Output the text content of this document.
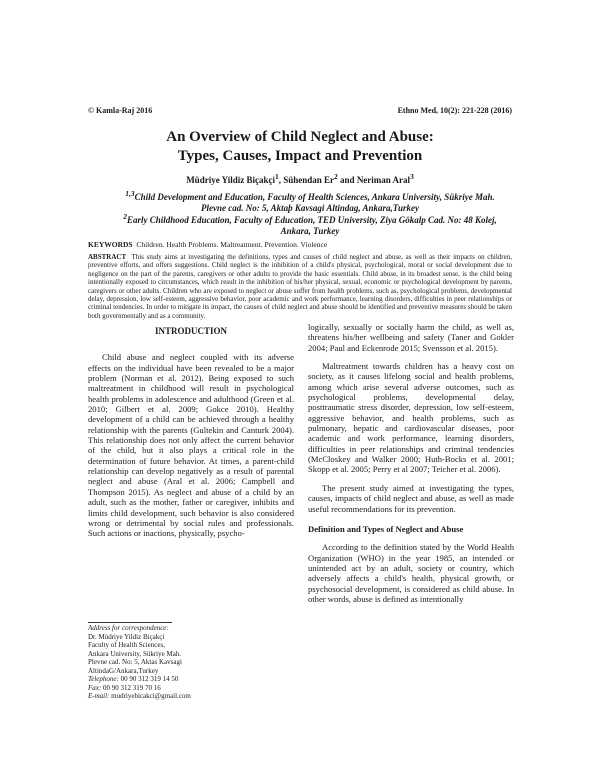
© Kamla-Raj 2016	Ethno Med, 10(2): 221-228 (2016)
An Overview of Child Neglect and Abuse:
Types, Causes, Impact and Prevention
Müdriye Yildiz Biçakçi$^1$, Sühendan Er$^2$ and Neriman Aral$^3$
$^{1,3}$Child Development and Education, Faculty of Health Sciences, Ankara University, Sükriye Mah. Plevne cad. No: 5, Aktaþ Kavsagi Altindag, Ankara,Turkey
$^2$Early Childhood Education, Faculty of Education, TED University, Ziya Gökalp Cad. No: 48 Kolej, Ankara, Turkey
KEYWORDS Children. Health Problems. Maltreatment. Prevention. Violence
ABSTRACT This study aims at investigating the definitions, types and causes of child neglect and abuse, as well as their impacts on children, preventive efforts, and offers suggestions. Child neglect is the inhibition of a child's physical, psychological, moral or social development due to negligence on the part of the parents, caregivers or other adults to provide the basic essentials. Child abuse, in its broadest sense, is the child being intentionally exposed to circumstances, which result in the inhibition of his/her physical, sexual, economic or psychological development by parents, caregivers or other adults. Children who are exposed to neglect or abuse suffer from health problems, such as, psychological problems, developmental delay, depression, low self-esteem, aggressive behavior, poor academic and work performance, learning disorders, difficulties in peer relationships or criminal tendencies. In order to mitigate its impact, the causes of child neglect and abuse should be identified and preventive measures should be taken both governmentally and as a community.
INTRODUCTION

Child abuse and neglect coupled with its adverse effects on the individual have been revealed to be a major problem (Norman et al. 2012). Being exposed to such maltreatment in childhood will result in psychological health problems in adolescence and adulthood (Green et al. 2010; Gilbert et al. 2009; Gokce 2010). Healthy development of a child can be achieved through a healthy relationship with the parents (Gultekin and Canturk 2004). This relationship does not only affect the current behavior of the child, but it also plays a critical role in the determination of future behavior. At times, a parent-child relationship can develop negatively as a result of parental neglect and abuse (Aral et al. 2006; Campbell and Thompson 2015). As neglect and abuse of a child by an adult, such as the mother, father or caregiver, inhibits and limits child development, such behavior is also considered wrong or detrimental by social rules and professionals. Such actions or inactions, physically, psycho-

Address for correspondence:
Dr. Müdriye Yildiz Biçakçi
Faculty of Health Sciences,
Ankara University, Sükriye Mah.
Plevne cad. No: 5, Aktas Kavsagi
AltindaG/Ankara,Turkey
Telephone: 00 90 312 319 14 50
Fax: 00 90 312 319 70 16
E-mail: mudriyebicakci@gmail.com

logically, sexually or socially harm the child, as well as, threatens his/her wellbeing and safety (Taner and Gokler 2004; Paul and Eckenrode 2015; Svensson et al. 2015).

Maltreatment towards children has a heavy cost on society, as it causes lifelong social and health problems, among which arise several adverse outcomes, such as psychological problems, developmental delay, posttraumatic stress disorder, depression, low self-esteem, aggressive behavior, and health problems, such as pulmonary, hepatic and cardiovascular diseases, poor academic and work performance, learning disorders, difficulties in peer relationships and criminal tendencies (McCloskey and Walker 2000; Huth-Bocks et al. 2001; Skopp et al. 2005; Perry et al 2007; Teicher et al. 2006).

The present study aimed at investigating the types, causes, impacts of child neglect and abuse, as well as made useful recommendations for its prevention.

Definition and Types of Neglect and Abuse

According to the definition stated by the World Health Organization (WHO) in the year 1985, an intended or unintended act by an adult, society or country, which adversely affects a child's health, physical growth, or psychosocial development, is considered as child abuse. In other words, abuse is defined as intentionally
